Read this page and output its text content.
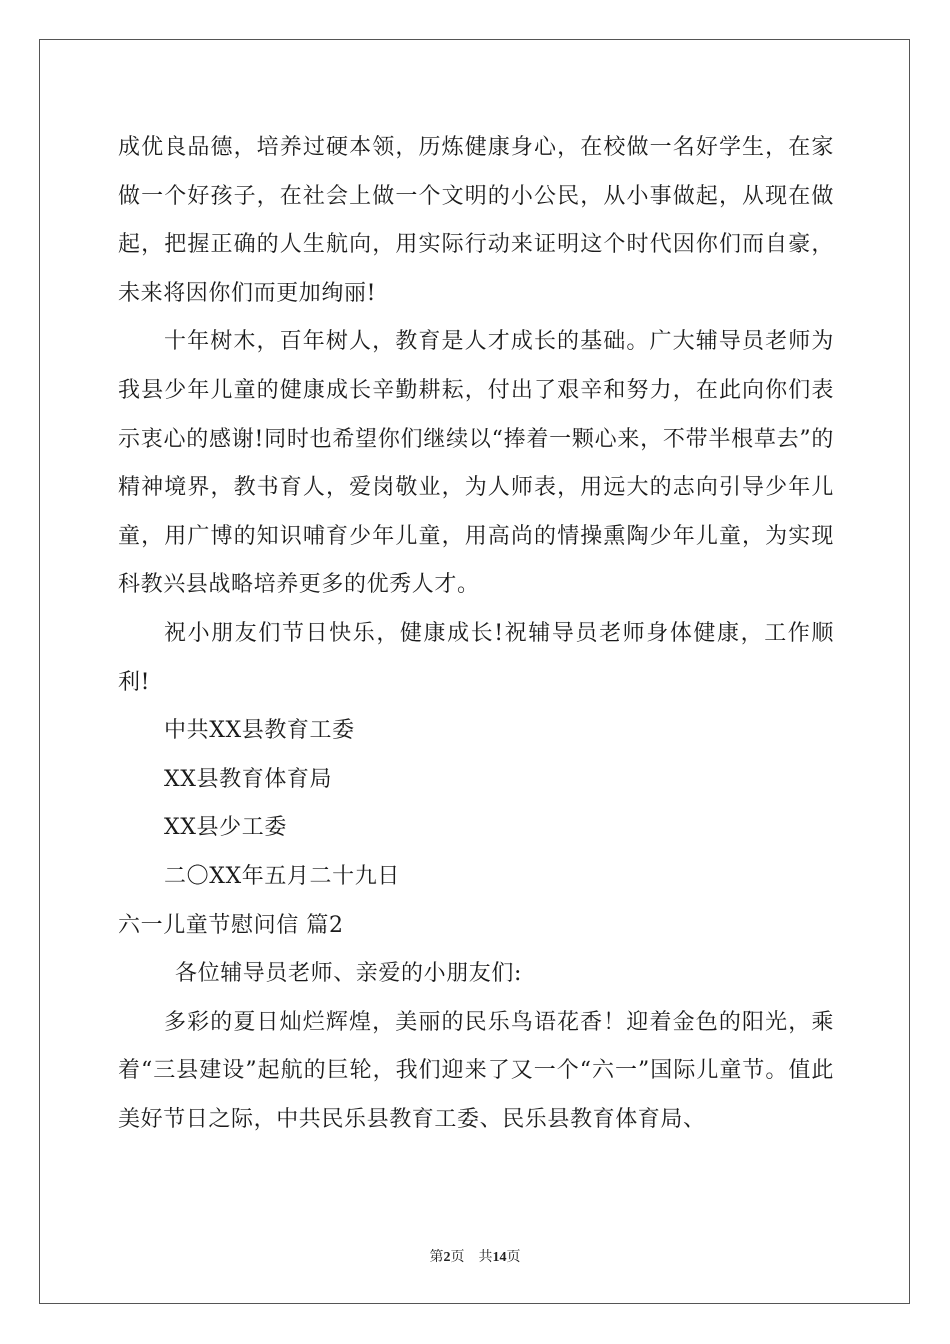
成优良品德，培养过硬本领，历炼健康身心，在校做一名好学生，在家做一个好孩子，在社会上做一个文明的小公民，从小事做起，从现在做起，把握正确的人生航向，用实际行动来证明这个时代因你们而自豪，未来将因你们而更加绚丽!

十年树木，百年树人，教育是人才成长的基础。广大辅导员老师为我县少年儿童的健康成长辛勤耕耘，付出了艰辛和努力，在此向你们表示衷心的感谢!同时也希望你们继续以“捧着一颗心来，不带半根草去”的精神境界，教书育人，爱岗敬业，为人师表，用远大的志向引导少年儿童，用广博的知识哺育少年儿童，用高尚的情操熏陶少年儿童，为实现科教兴县战略培养更多的优秀人才。

祝小朋友们节日快乐，健康成长!祝辅导员老师身体健康，工作顺利!

中共XX县教育工委

XX县教育体育局

XX县少工委

二〇XX年五月二十九日

六一儿童节慰问信 篇2

各位辅导员老师、亲爱的小朋友们:

多彩的夏日灿烂辉煌，美丽的民乐鸟语花香！迎着金色的阳光，乘着“三县建设”起航的巨轮，我们迎来了又一个“六一”国际儿童节。值此美好节日之际，中共民乐县教育工委、民乐县教育体育局、

第2页 共14页
